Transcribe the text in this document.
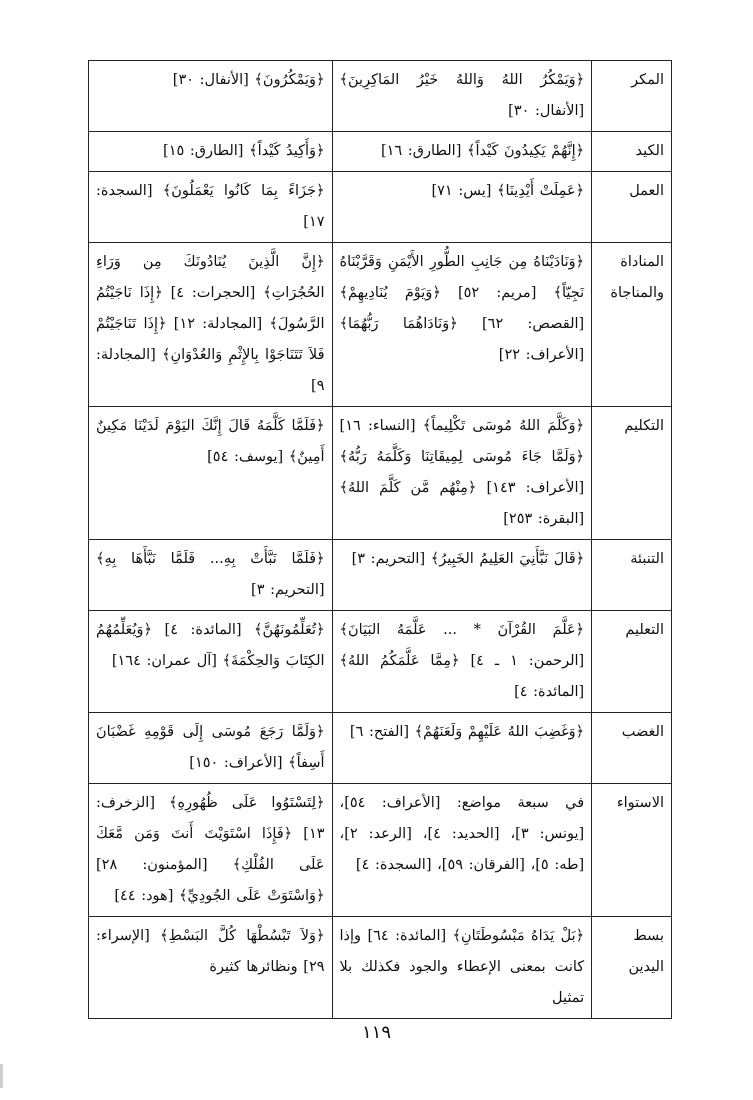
المكر	﴿وَيَمْكُرُ اللهُ وَاللهُ خَيْرُ المَاكِرِينَ﴾ [الأنفال: ٣٠]	﴿وَيَمْكُرُونَ﴾ [الأنفال: ٣٠]
الكيد	﴿إِنَّهُمْ يَكِيدُونَ كَيْداً﴾ [الطارق: ١٦]	﴿وَأَكِيدُ كَيْداً﴾ [الطارق: ١٥]
العمل	﴿عَمِلَتْ أَيْدِينَا﴾ [يس: ٧١]	﴿جَزَاءً بِمَا كَانُوا يَعْمَلُونَ﴾ [السجدة: ١٧]
المناداة والمناجاة	﴿وَنَادَيْنَاهُ مِن جَانِبِ الطُّورِ الأَيْمَنِ وَقَرَّبْنَاهُ نَجِيّاً﴾ [مريم: ٥٢] ﴿وَيَوْمَ يُنَادِيهِمْ﴾ [القصص: ٦٢] ﴿وَنَادَاهُمَا رَبُّهُمَا﴾ [الأعراف: ٢٢]	﴿إِنَّ الَّذِينَ يُنَادُونَكَ مِن وَرَاءِ الحُجُرَاتِ﴾ [الحجرات: ٤] ﴿إِذَا نَاجَيْتُمُ الرَّسُولَ﴾ [المجادلة: ١٢] ﴿إِذَا تَنَاجَيْتُمْ فَلاَ تَتَنَاجَوْا بِالإِثْمِ وَالعُدْوَانِ﴾ [المجادلة: ٩]
التكليم	﴿وَكَلَّمَ اللهُ مُوسَى تَكْلِيماً﴾ [النساء: ١٦] ﴿وَلَمَّا جَاءَ مُوسَى لِمِيقَاتِنَا وَكَلَّمَهُ رَبُّهُ﴾ [الأعراف: ١٤٣] ﴿مِنْهُم مَّن كَلَّمَ اللهُ﴾ [البقرة: ٢٥٣]	﴿فَلَمَّا كَلَّمَهُ قَالَ إِنَّكَ اليَوْمَ لَدَيْنَا مَكِينٌ أَمِينٌ﴾ [يوسف: ٥٤]
التنبئة	﴿قَالَ نَبَّأَنِيَ العَلِيمُ الخَبِيرُ﴾ [التحريم: ٣]	﴿فَلَمَّا نَبَّأَتْ بِهِ... فَلَمَّا نَبَّأَهَا بِهِ﴾ [التحريم: ٣]
التعليم	﴿عَلَّمَ القُرْآنَ * ... عَلَّمَهُ البَيَانَ﴾ [الرحمن: ١ ـ ٤] ﴿مِمَّا عَلَّمَكُمُ اللهُ﴾ [المائدة: ٤]	﴿تُعَلِّمُونَهُنَّ﴾ [المائدة: ٤] ﴿وَيُعَلِّمُهُمُ الكِتَابَ وَالحِكْمَةَ﴾ [آل عمران: ١٦٤]
الغضب	﴿وَغَضِبَ اللهُ عَلَيْهِمْ وَلَعَنَهُمْ﴾ [الفتح: ٦]	﴿وَلَمَّا رَجَعَ مُوسَى إِلَى قَوْمِهِ غَضْبَانَ أَسِفاً﴾ [الأعراف: ١٥٠]
الاستواء	في سبعة مواضع: [الأعراف: ٥٤]، [يونس: ٣]، [الحديد: ٤]، [الرعد: ٢]، [طه: ٥]، [الفرقان: ٥٩]، [السجدة: ٤]	﴿لِتَسْتَوُوا عَلَى ظُهُورِهِ﴾ [الزخرف: ١٣] ﴿فَإِذَا اسْتَوَيْتَ أَنتَ وَمَن مَّعَكَ عَلَى الفُلْكِ﴾ [المؤمنون: ٢٨] ﴿وَاسْتَوَتْ عَلَى الجُودِيِّ﴾ [هود: ٤٤]
بسط اليدين	﴿بَلْ يَدَاهُ مَبْسُوطَتَانِ﴾ [المائدة: ٦٤] وإذا كانت بمعنى الإعطاء والجود فكذلك بلا تمثيل	﴿وَلاَ تَبْسُطْهَا كُلَّ البَسْطِ﴾ [الإسراء: ٢٩] ونظائرها كثيرة
١١٩
